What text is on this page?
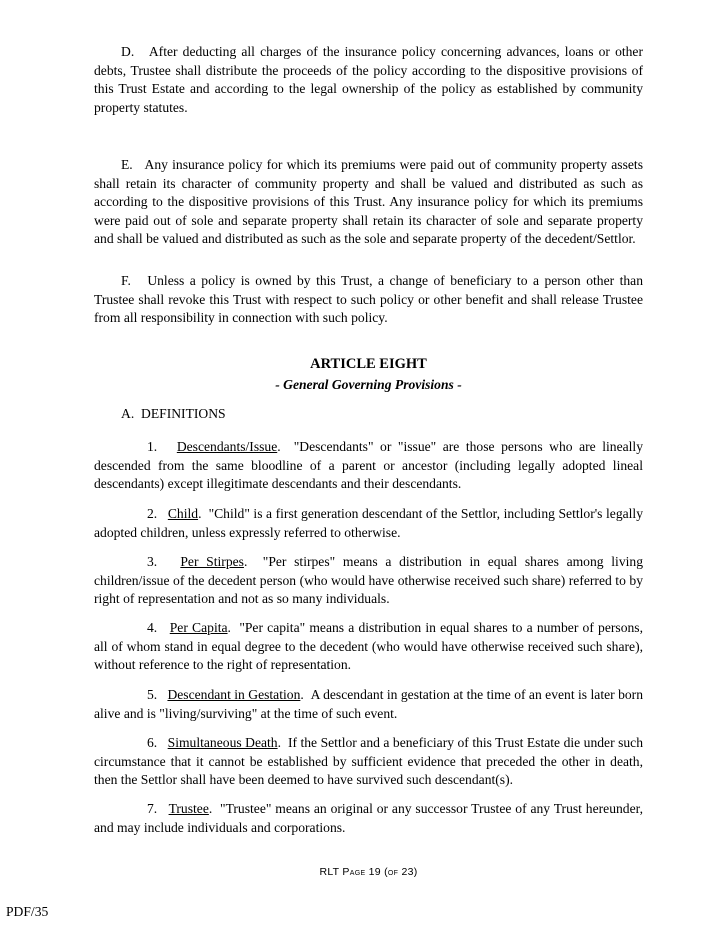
D. After deducting all charges of the insurance policy concerning advances, loans or other debts, Trustee shall distribute the proceeds of the policy according to the dispositive provisions of this Trust Estate and according to the legal ownership of the policy as established by community property statutes.

E. Any insurance policy for which its premiums were paid out of community property assets shall retain its character of community property and shall be valued and distributed as such as according to the dispositive provisions of this Trust. Any insurance policy for which its premiums were paid out of sole and separate property shall retain its character of sole and separate property and shall be valued and distributed as such as the sole and separate property of the decedent/Settlor.

F. Unless a policy is owned by this Trust, a change of beneficiary to a person other than Trustee shall revoke this Trust with respect to such policy or other benefit and shall release Trustee from all responsibility in connection with such policy.

ARTICLE EIGHT

- General Governing Provisions -

A. DEFINITIONS

1. Descendants/Issue.  "Descendants" or "issue" are those persons who are lineally descended from the same bloodline of a parent or ancestor (including legally adopted lineal descendants) except illegitimate descendants and their descendants.

2. Child.  "Child" is a first generation descendant of the Settlor, including Settlor's legally adopted children, unless expressly referred to otherwise.

3. Per Stirpes.  "Per stirpes" means a distribution in equal shares among living children/issue of the decedent person (who would have otherwise received such share) referred to by right of representation and not as so many individuals.

4. Per Capita.  "Per capita" means a distribution in equal shares to a number of persons, all of whom stand in equal degree to the decedent (who would have otherwise received such share), without reference to the right of representation.

5. Descendant in Gestation.  A descendant in gestation at the time of an event is later born alive and is "living/surviving" at the time of such event.

6. Simultaneous Death.  If the Settlor and a beneficiary of this Trust Estate die under such circumstance that it cannot be established by sufficient evidence that preceded the other in death, then the Settlor shall have been deemed to have survived such descendant(s).

7. Trustee.  "Trustee" means an original or any successor Trustee of any Trust hereunder, and may include individuals and corporations.

RLT Page 19 (of 23)

PDF/35
